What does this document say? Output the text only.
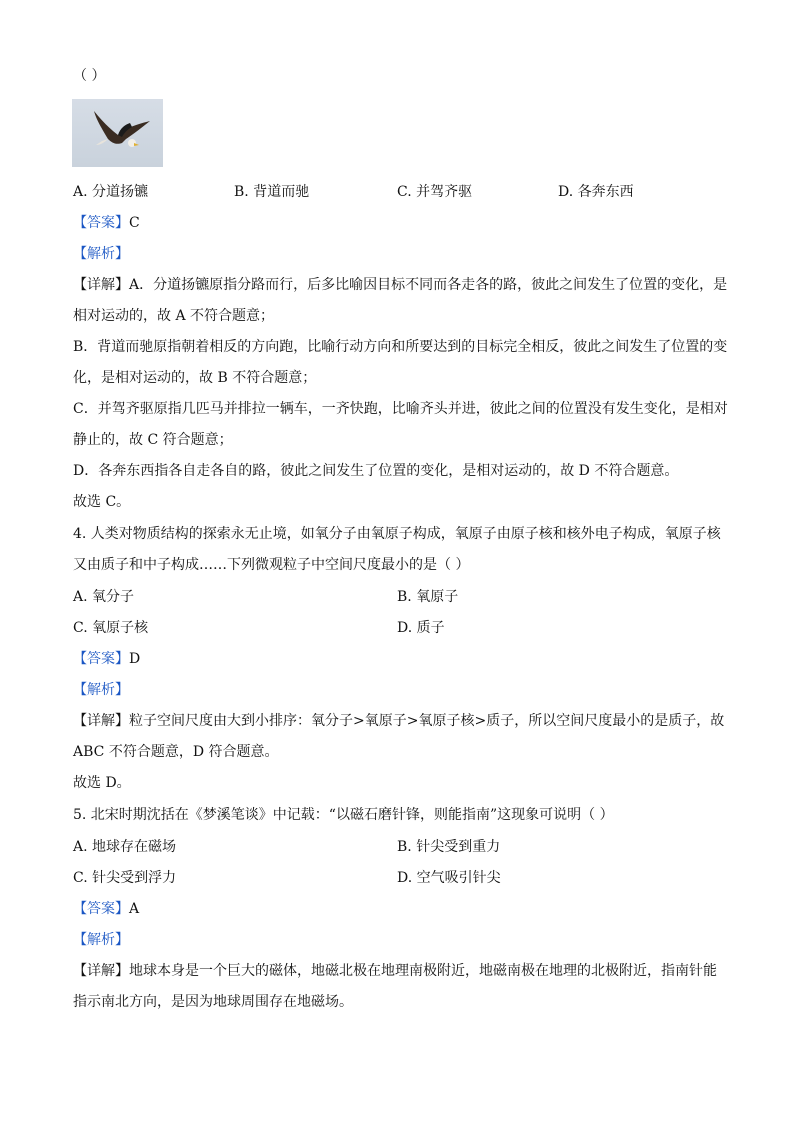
（ ）
A. 分道扬镳	B. 背道而驰	C. 并驾齐驱	D. 各奔东西
【答案】C
【解析】
【详解】A．分道扬镳原指分路而行，后多比喻因目标不同而各走各的路，彼此之间发生了位置的变化，是
相对运动的，故 A 不符合题意；
B．背道而驰原指朝着相反的方向跑，比喻行动方向和所要达到的目标完全相反，彼此之间发生了位置的变
化，是相对运动的，故 B 不符合题意；
C．并驾齐驱原指几匹马并排拉一辆车，一齐快跑，比喻齐头并进，彼此之间的位置没有发生变化，是相对
静止的，故 C 符合题意；
D．各奔东西指各自走各自的路，彼此之间发生了位置的变化，是相对运动的，故 D 不符合题意。
故选 C。
4. 人类对物质结构的探索永无止境，如氧分子由氧原子构成，氧原子由原子核和核外电子构成，氧原子核
又由质子和中子构成……下列微观粒子中空间尺度最小的是（ ）
A. 氧分子	B. 氧原子
C. 氧原子核	D. 质子
【答案】D
【解析】
【详解】粒子空间尺度由大到小排序：氧分子>氧原子>氧原子核>质子，所以空间尺度最小的是质子，故
ABC 不符合题意，D 符合题意。
故选 D。
5. 北宋时期沈括在《梦溪笔谈》中记载：“以磁石磨针锋，则能指南”这现象可说明（ ）
A. 地球存在磁场	B. 针尖受到重力
C. 针尖受到浮力	D. 空气吸引针尖
【答案】A
【解析】
【详解】地球本身是一个巨大的磁体，地磁北极在地理南极附近，地磁南极在地理的北极附近，指南针能
指示南北方向，是因为地球周围存在地磁场。
